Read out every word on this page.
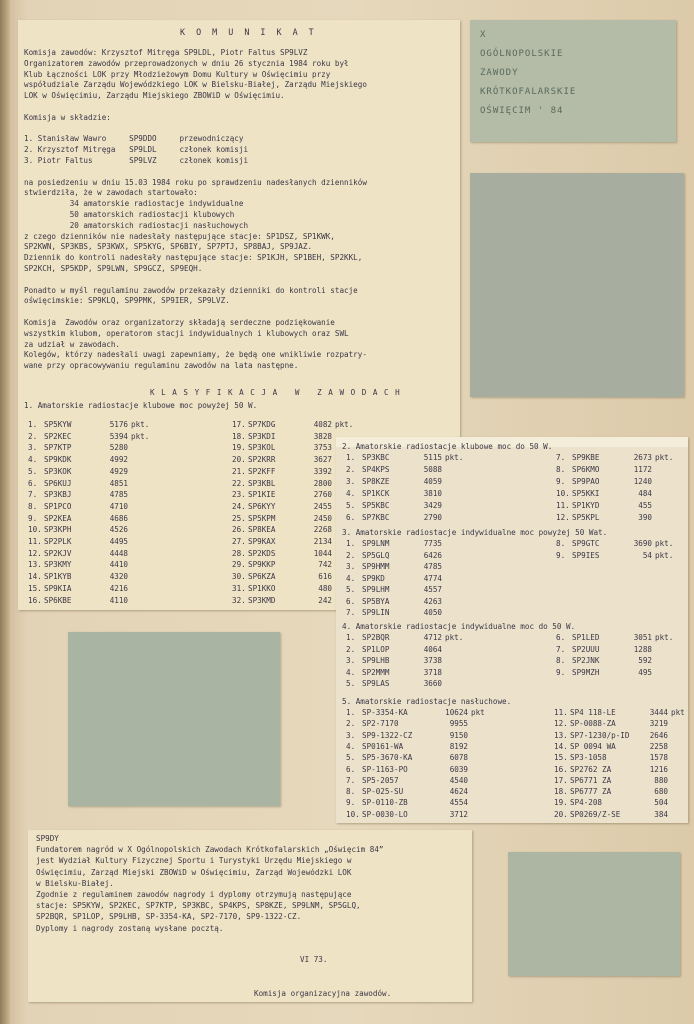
K O M U N I K A T
Komisja zawodów: Krzysztof Mitręga SP9LDL, Piotr Faltus SP9LVZ
Organizatorem zawodów przeprowadzonych w dniu 26 stycznia 1984 roku był
Klub Łączności LOK przy Młodzieżowym Domu Kultury w Oświęcimiu przy
współudziale Zarządu Wojewódzkiego LOK w Bielsku-Białej, Zarządu Miejskiego
LOK w Oświęcimiu, Zarządu Miejskiego ZBOWiD w Oświęcimiu.
Komisja w składzie:
1. Stanisław Wawro     SP9DDO     przewodniczący
2. Krzysztof Mitręga   SP9LDL     członek komisji
3. Piotr Faltus        SP9LVZ     członek komisji
na posiedzeniu w dniu 15.03 1984 roku po sprawdzeniu nadesłanych dzienników
stwierdziła, że w zawodach startowało:
34 amatorskie radiostacje indywidualne
50 amatorskich radiostacji klubowych
20 amatorskich radiostacji nasłuchowych
z czego dzienników nie nadesłały następujące stacje: SP1DSZ, SP1KWK,
SP2KWN, SP3KBS, SP3KWX, SP5KYG, SP6BIY, SP7PTJ, SP8BAJ, SP9JAZ.
Dziennik do kontroli nadesłały następujące stacje: SP1KJH, SP1BEH, SP2KKL,
SP2KCH, SP5KDP, SP9LWN, SP9GCZ, SP9EQH.
Ponadto w myśl regulaminu zawodów przekazały dzienniki do kontroli stacje
oświęcimskie: SP9KLQ, SP9PMK, SP9IER, SP9LVZ.
Komisja  Zawodów oraz organizatorzy składają serdeczne podziękowanie
wszystkim klubom, operatorom stacji indywidualnych i klubowych oraz SWL
za udział w zawodach.
Kolegów, którzy nadesłali uwagi zapewniamy, że będą one wnikliwie rozpatry-
wane przy opracowywaniu regulaminu zawodów na lata następne.
K L A S Y F I K A C J A   W   Z A W O D A C H
1. Amatorskie radiostacje klubowe moc powyżej 50 W.
1. SP5KYW	5176 pkt.
2. SP2KEC	5394 pkt.
3. SP7KTP	5280
4. SP9KDK	4992
5. SP3KOK	4929
6. SP6KUJ	4851
7. SP3KBJ	4785
8. SP1PCO	4710
9. SP2KEA	4686
10. SP3KPH	4526
11. SP2PLK	4495
12. SP2KJV	4448
13. SP3KMY	4410
14. SP1KYB	4320
15. SP9KIA	4216
16. SP6KBE	4110
17. SP7KDG	4082 pkt.
18. SP3KDI	3828
19. SP3KOL	3753
20. SP2KRR	3627
21. SP2KFF	3392
22. SP3KBL	2800
23. SP1KIE	2760
24. SP6KYY	2455
25. SP5KPM	2450
26. SP8KEA	2268
27. SP9KAX	2134
28. SP2KDS	1044
29. SP9KKP	742
30. SP6KZA	616
31. SP1KKO	480
32. SP3KMD	242
X
OGÓLNOPOLSKIE
ZAWODY
KRÓTKOFALARSKIE
OŚWIĘCIM ' 84
2. Amatorskie radiostacje klubowe moc do 50 W.
1. SP3KBC	5115 pkt.
2. SP4KPS	5088
3. SP8KZE	4059
4. SP1KCK	3810
5. SP5KBC	3429
6. SP7KBC	2790
7. SP9KBE	2673 pkt.
8. SP6KMO	1172
9. SP9PAO	1240
10. SP5KKI	484
11. SP1KYD	455
12. SP5KPL	390
3. Amatorskie radiostacje indywidualne moc powyżej 50 Wat.
1. SP9LNM	7735
2. SP5GLQ	6426
3. SP9HMM	4785
4. SP9KD	4774
5. SP9LHM	4557
6. SP5BYA	4263
7. SP9LIN	4050
8. SP9GTC	3690 pkt.
9. SP9IES	54 pkt.
4. Amatorskie radiostacje indywidualne moc do 50 W.
1. SP2BQR	4712 pkt.
2. SP1LOP	4064
3. SP9LHB	3738
4. SP2MMM	3718
5. SP9LAS	3660
6. SP1LED	3051 pkt.
7. SP2UUU	1288
8. SP2JNK	592
9. SP9MZH	495
5. Amatorskie radiostacje nasłuchowe.
1. SP-3354-KA	10624 pkt
2. SP2-7170	9955
3. SP9-1322-CZ	9150
4. SP0161-WA	8192
5. SP5-3670-KA	6078
6. SP-1163-PO	6039
7. SP5-2057	4540
8. SP-025-SU	4624
9. SP-0110-ZB	4554
10. SP-0030-LO	3712
11. SP4 118-LE	3444 pkt
12. SP-0088-ZA	3219
13. SP7-1230/p-ID	2646
14. SP 0094 WA	2258
15. SP3-1058	1578
16. SP2762 ZA	1216
17. SP6771 ZA	880
18. SP6777 ZA	680
19. SP4-208	504
20. SP0269/Z-SE	384
SP9DY
Fundatorem nagród w X Ogólnopolskich Zawodach Krótkofalarskich „Oświęcim 84”
jest Wydział Kultury Fizycznej Sportu i Turystyki Urzędu Miejskiego w
Oświęcimiu, Zarząd Miejski ZBOWiD w Oświęcimiu, Zarząd Wojewódzki LOK
w Bielsku-Białej.
Zgodnie z regulaminem zawodów nagrody i dyplomy otrzymują następujące
stacje: SP5KYW, SP2KEC, SP7KTP, SP3KBC, SP4KPS, SP8KZE, SP9LNM, SP5GLQ,
SP2BQR, SP1LOP, SP9LHB, SP-3354-KA, SP2-7170, SP9-1322-CZ.
Dyplomy i nagrody zostaną wysłane pocztą.
VI 73.
Komisja organizacyjna zawodów.
